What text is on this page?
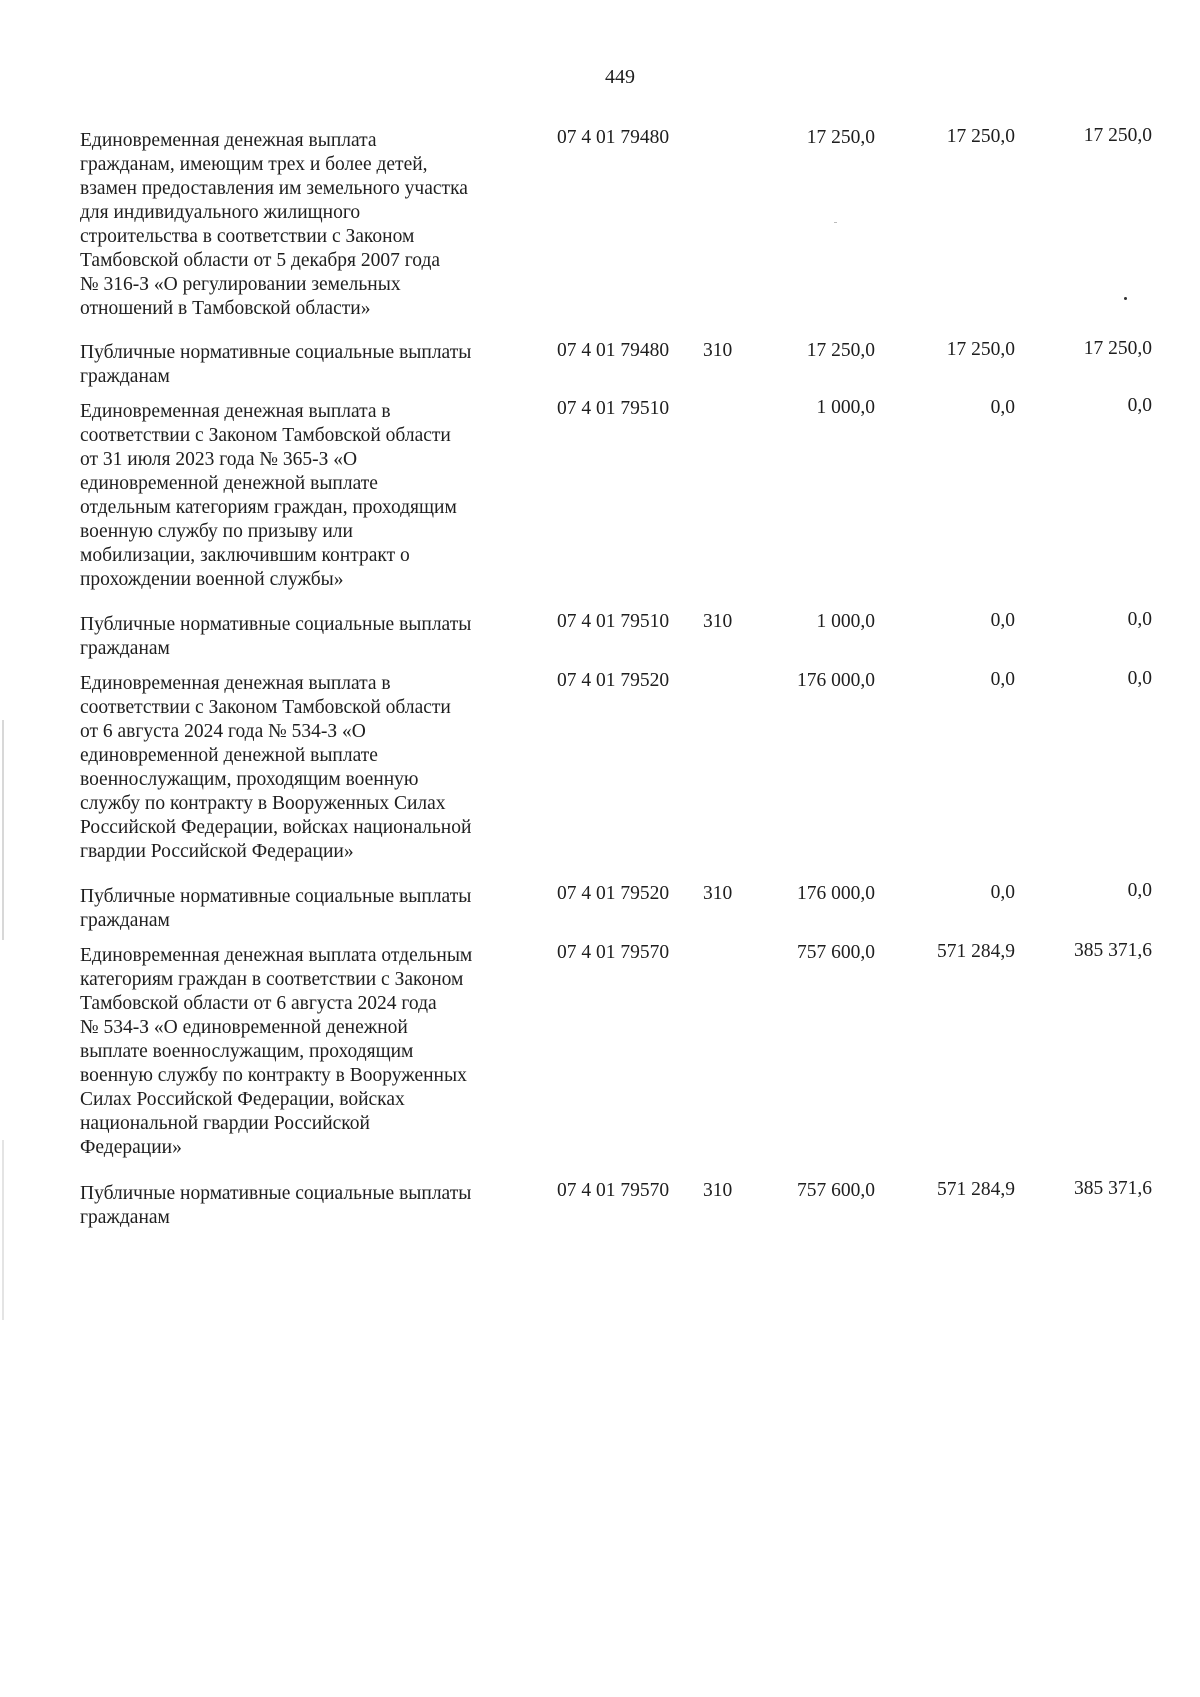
449
Единовременная денежная выплата
гражданам, имеющим трех и более детей,
взамен предоставления им земельного участка
для индивидуального жилищного
строительства в соответствии с Законом
Тамбовской области от 5 декабря 2007 года
№ 316-З «О регулировании земельных
отношений в Тамбовской области»
07 4 01 79480	17 250,0	17 250,0	17 250,0
Публичные нормативные социальные выплаты
гражданам
07 4 01 79480 310	17 250,0	17 250,0	17 250,0
Единовременная денежная выплата в
соответствии с Законом Тамбовской области
от 31 июля 2023 года № 365-З «О
единовременной денежной выплате
отдельным категориям граждан, проходящим
военную службу по призыву или
мобилизации, заключившим контракт о
прохождении военной службы»
07 4 01 79510	1 000,0	0,0	0,0
Публичные нормативные социальные выплаты
гражданам
07 4 01 79510 310	1 000,0	0,0	0,0
Единовременная денежная выплата в
соответствии с Законом Тамбовской области
от 6 августа 2024 года № 534-З «О
единовременной денежной выплате
военнослужащим, проходящим военную
службу по контракту в Вооруженных Силах
Российской Федерации, войсках национальной
гвардии Российской Федерации»
07 4 01 79520	176 000,0	0,0	0,0
Публичные нормативные социальные выплаты
гражданам
07 4 01 79520 310	176 000,0	0,0	0,0
Единовременная денежная выплата отдельным
категориям граждан в соответствии с Законом
Тамбовской области от 6 августа 2024 года
№ 534-З «О единовременной денежной
выплате военнослужащим, проходящим
военную службу по контракту в Вооруженных
Силах Российской Федерации, войсках
национальной гвардии Российской
Федерации»
07 4 01 79570	757 600,0	571 284,9	385 371,6
Публичные нормативные социальные выплаты
гражданам
07 4 01 79570 310	757 600,0	571 284,9	385 371,6
